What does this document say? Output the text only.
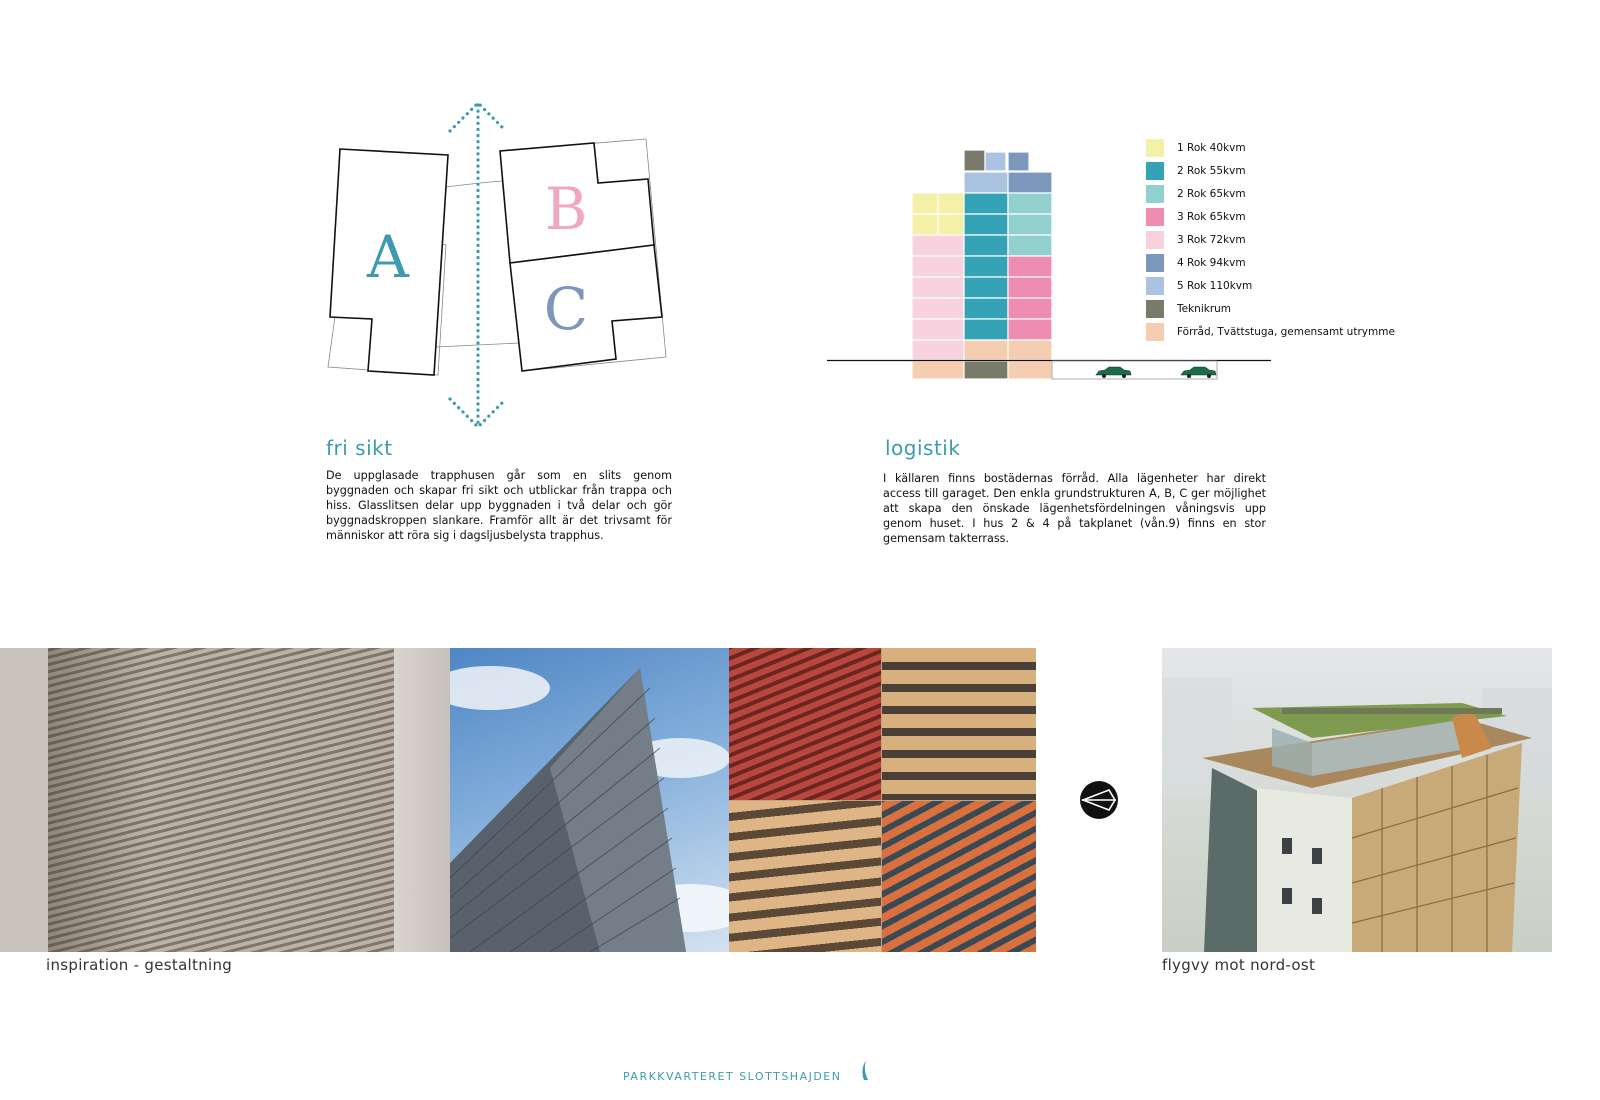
A
B
C
fri sikt
De uppglasade trapphusen går som en slits genom byggnaden och skapar fri sikt och utblickar från trappa och hiss. Glasslitsen delar upp byggnaden i två delar och gör byggnadskroppen slankare. Framför allt är det trivsamt för människor att röra sig i dagsljusbelysta trapphus.
1 Rok 40kvm
2 Rok 55kvm
2 Rok 65kvm
3 Rok 65kvm
3 Rok 72kvm
4 Rok 94kvm
5 Rok 110kvm
Teknikrum
Förråd, Tvättstuga, gemensamt utrymme
logistik
I källaren finns bostädernas förråd. Alla lägenheter har direkt access till garaget. Den enkla grundstrukturen A, B, C ger möjlighet att skapa den önskade lägenhetsfördelningen våningsvis upp genom huset. I hus 2 & 4 på takplanet (vån.9) finns en stor gemensam takterrass.
inspiration - gestaltning	flygvy mot nord-ost
PARKKVARTERET SLOTTSHAJDEN
